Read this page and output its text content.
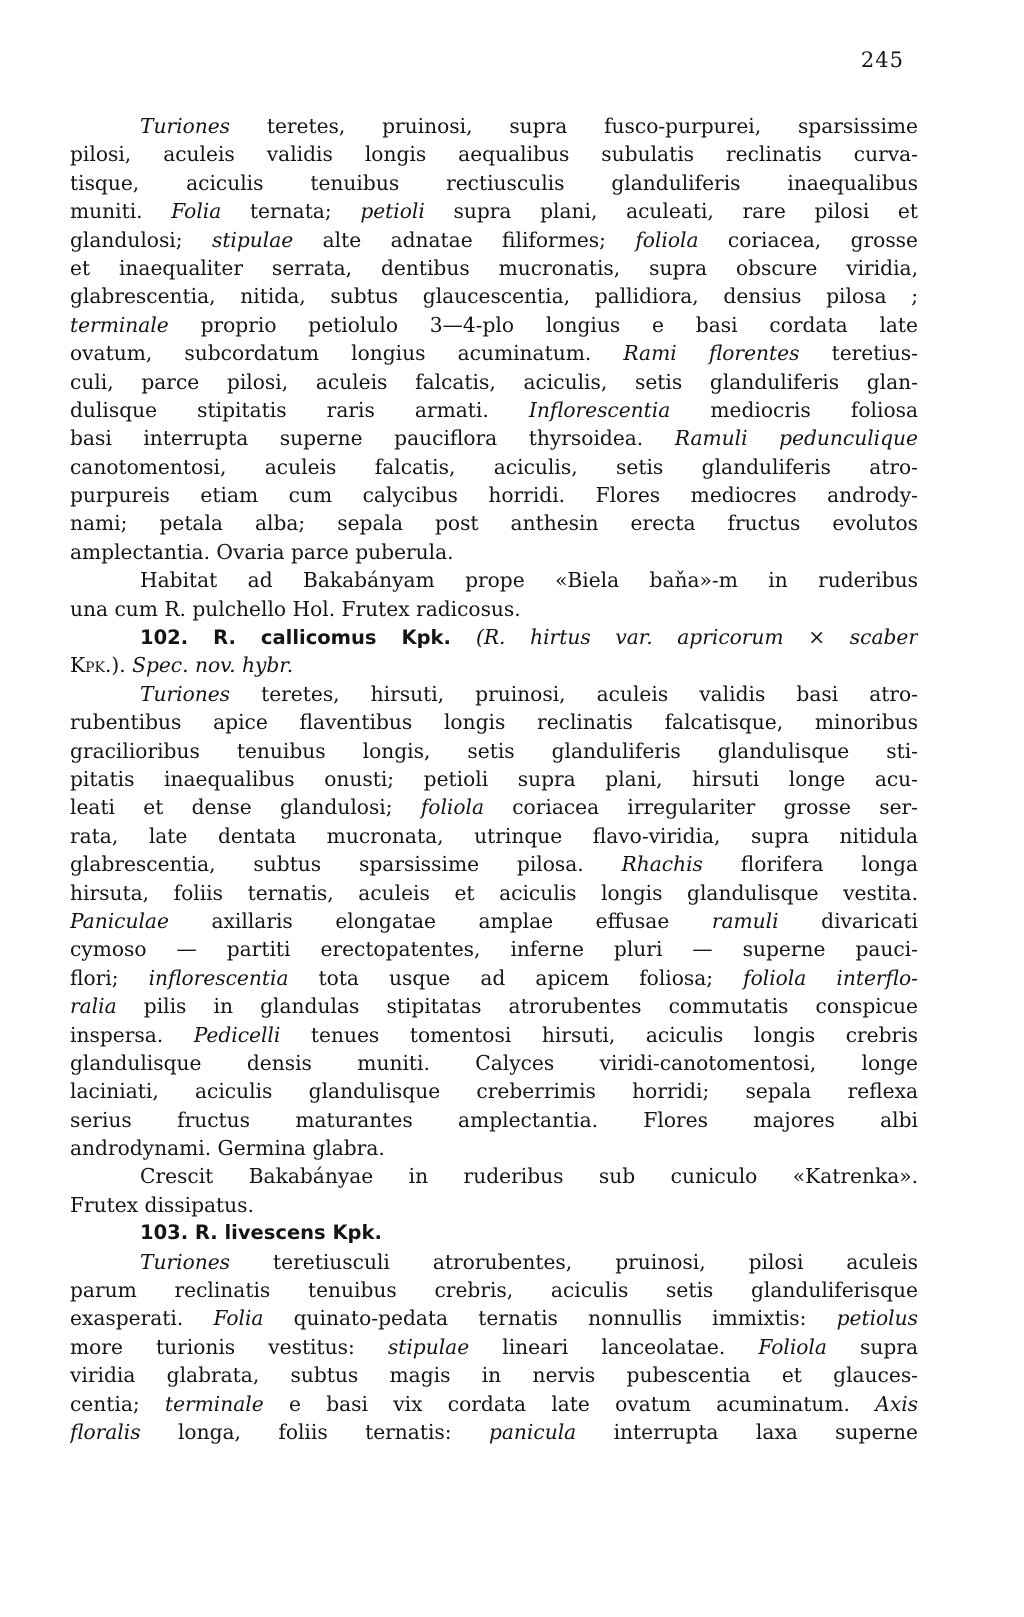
245
Turiones teretes, pruinosi, supra fusco-purpurei, sparsissime
pilosi, aculeis validis longis aequalibus subulatis reclinatis curva-
tisque, aciculis tenuibus rectiusculis glanduliferis inaequalibus
muniti. Folia ternata; petioli supra plani, aculeati, rare pilosi et
glandulosi; stipulae alte adnatae filiformes; foliola coriacea, grosse
et inaequaliter serrata, dentibus mucronatis, supra obscure viridia,
glabrescentia, nitida, subtus glaucescentia, pallidiora, densius pilosa ;
terminale proprio petiolulo 3—4-plo longius e basi cordata late
ovatum, subcordatum longius acuminatum. Rami florentes teretius-
culi, parce pilosi, aculeis falcatis, aciculis, setis glanduliferis glan-
dulisque stipitatis raris armati. Inflorescentia mediocris foliosa
basi interrupta superne pauciflora thyrsoidea. Ramuli pedunculique
canotomentosi, aculeis falcatis, aciculis, setis glanduliferis atro-
purpureis etiam cum calycibus horridi. Flores mediocres andrody-
nami; petala alba; sepala post anthesin erecta fructus evolutos
amplectantia. Ovaria parce puberula.
Habitat ad Bakabányam prope «Biela baňa»-m in ruderibus
una cum R. pulchello Hol. Frutex radicosus.
102. R. callicomus Kpk. (R. hirtus var. apricorum × scaber
Kpk.). Spec. nov. hybr.
Turiones teretes, hirsuti, pruinosi, aculeis validis basi atro-
rubentibus apice flaventibus longis reclinatis falcatisque, minoribus
gracilioribus tenuibus longis, setis glanduliferis glandulisque sti-
pitatis inaequalibus onusti; petioli supra plani, hirsuti longe acu-
leati et dense glandulosi; foliola coriacea irregulariter grosse ser-
rata, late dentata mucronata, utrinque flavo-viridia, supra nitidula
glabrescentia, subtus sparsissime pilosa. Rhachis florifera longa
hirsuta, foliis ternatis, aculeis et aciculis longis glandulisque vestita.
Paniculae axillaris elongatae amplae effusae ramuli divaricati
cymoso — partiti erectopatentes, inferne pluri — superne pauci-
flori; inflorescentia tota usque ad apicem foliosa; foliola interflo-
ralia pilis in glandulas stipitatas atrorubentes commutatis conspicue
inspersa. Pedicelli tenues tomentosi hirsuti, aciculis longis crebris
glandulisque densis muniti. Calyces viridi-canotomentosi, longe
laciniati, aciculis glandulisque creberrimis horridi; sepala reflexa
serius fructus maturantes amplectantia. Flores majores albi
androdynami. Germina glabra.
Crescit Bakabányae in ruderibus sub cuniculo «Katrenka».
Frutex dissipatus.
103. R. livescens Kpk.
Turiones teretiusculi atrorubentes, pruinosi, pilosi aculeis
parum reclinatis tenuibus crebris, aciculis setis glanduliferisque
exasperati. Folia quinato-pedata ternatis nonnullis immixtis: petiolus
more turionis vestitus: stipulae lineari lanceolatae. Foliola supra
viridia glabrata, subtus magis in nervis pubescentia et glauces-
centia; terminale e basi vix cordata late ovatum acuminatum. Axis
floralis longa, foliis ternatis: panicula interrupta laxa superne
